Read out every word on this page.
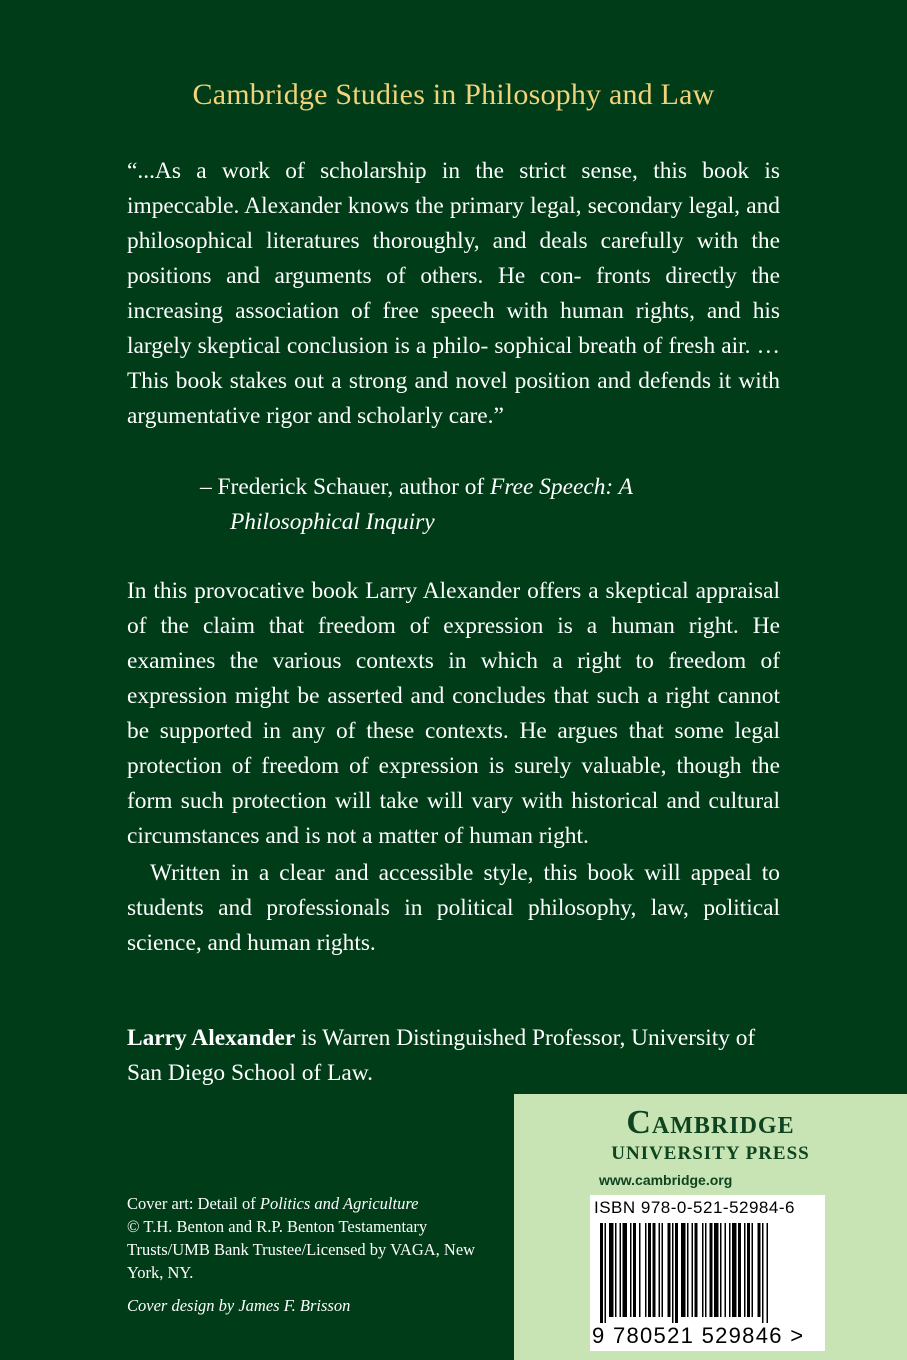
Cambridge Studies in Philosophy and Law

“...As a work of scholarship in the strict sense, this book is impeccable. Alexander knows the primary legal, secondary legal, and philosophical literatures thoroughly, and deals carefully with the positions and arguments of others. He con- fronts directly the increasing association of free speech with human rights, and his largely skeptical conclusion is a philo- sophical breath of fresh air. … This book stakes out a strong and novel position and defends it with argumentative rigor and scholarly care.”

– Frederick Schauer, author of Free Speech: A
Philosophical Inquiry

In this provocative book Larry Alexander offers a skeptical appraisal of the claim that freedom of expression is a human right. He examines the various contexts in which a right to freedom of expression might be asserted and concludes that such a right cannot be supported in any of these contexts. He argues that some legal protection of freedom of expression is surely valuable, though the form such protection will take will vary with historical and cultural circumstances and is not a matter of human right.

Written in a clear and accessible style, this book will appeal to students and professionals in political philosophy, law, political science, and human rights.

Larry Alexander is Warren Distinguished Professor, University of San Diego School of Law.

Cover art: Detail of Politics and Agriculture
© T.H. Benton and R.P. Benton Testamentary Trusts/UMB Bank Trustee/Licensed by VAGA, New York, NY.
Cover design by James F. Brisson
Cambridge
UNIVERSITY PRESS
www.cambridge.org
ISBN 978-0-521-52984-6
9 780521 529846 >
